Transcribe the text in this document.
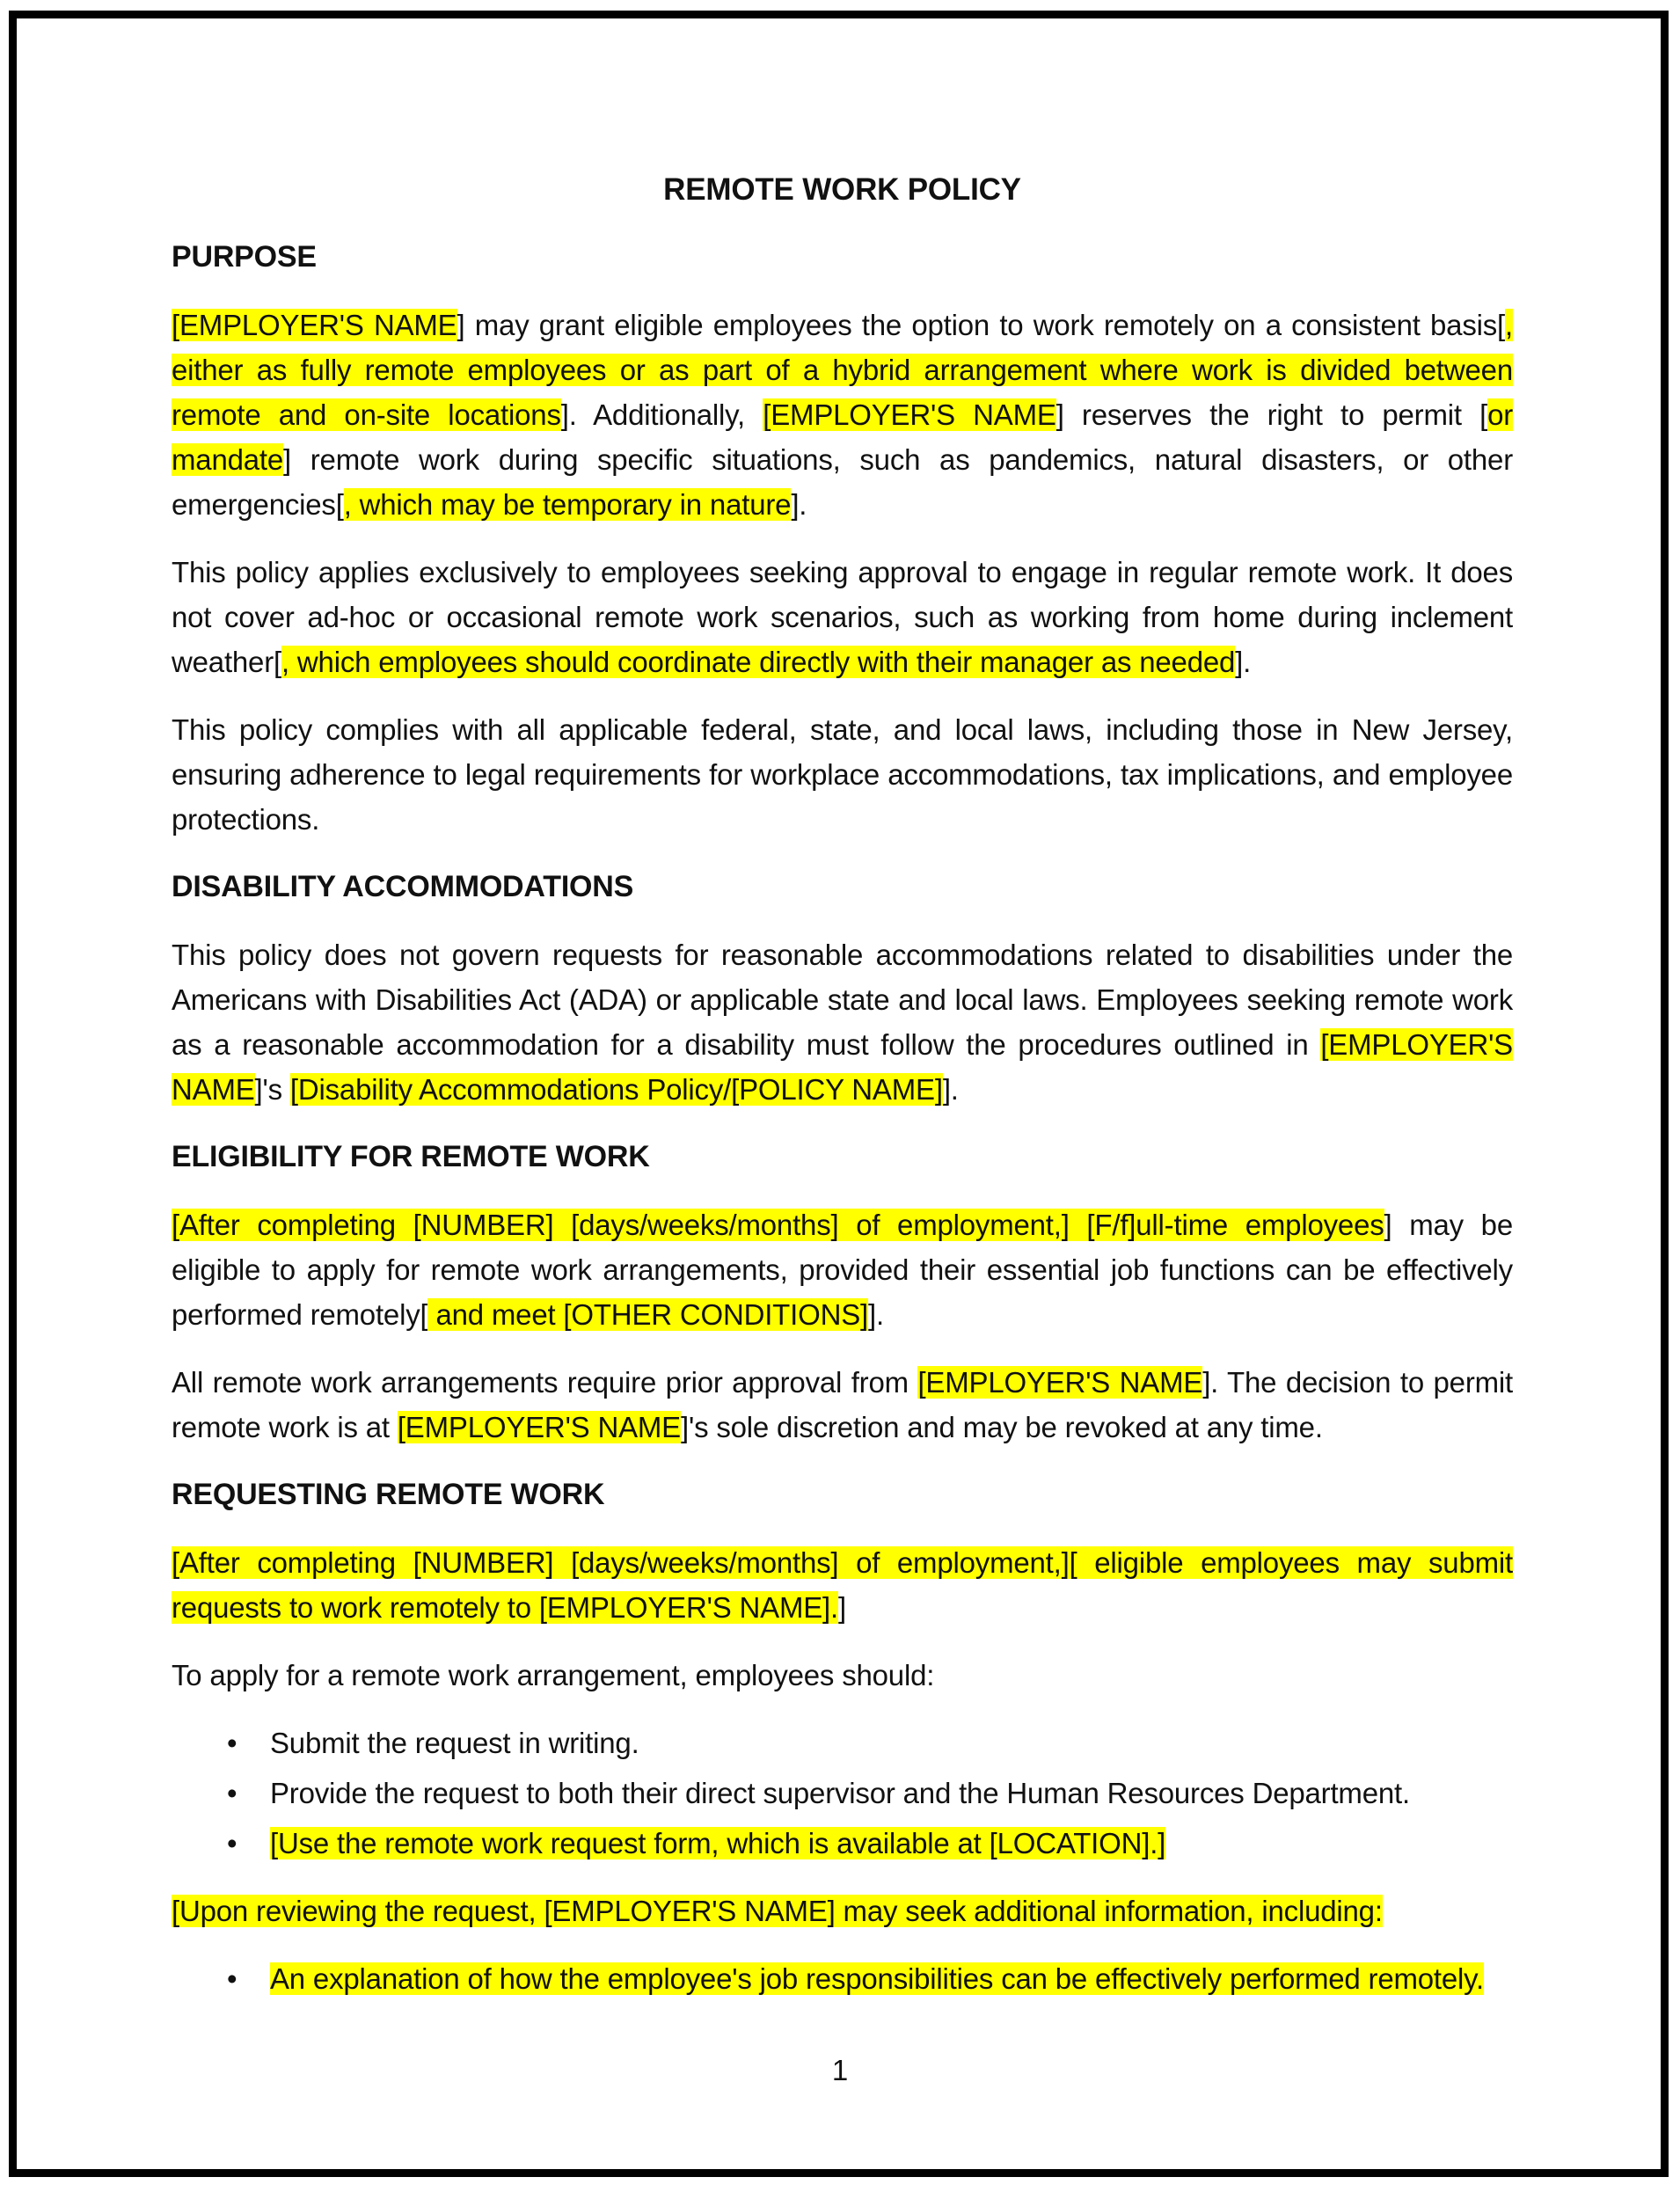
REMOTE WORK POLICY
PURPOSE

[EMPLOYER'S NAME] may grant eligible employees the option to work remotely on a consistent basis[, either as fully remote employees or as part of a hybrid arrangement where work is divided between remote and on-site locations]. Additionally, [EMPLOYER'S NAME] reserves the right to permit [or mandate] remote work during specific situations, such as pandemics, natural disasters, or other emergencies[, which may be temporary in nature].

This policy applies exclusively to employees seeking approval to engage in regular remote work. It does not cover ad-hoc or occasional remote work scenarios, such as working from home during inclement weather[, which employees should coordinate directly with their manager as needed].

This policy complies with all applicable federal, state, and local laws, including those in New Jersey, ensuring adherence to legal requirements for workplace accommodations, tax implications, and employee protections.

DISABILITY ACCOMMODATIONS

This policy does not govern requests for reasonable accommodations related to disabilities under the Americans with Disabilities Act (ADA) or applicable state and local laws. Employees seeking remote work as a reasonable accommodation for a disability must follow the procedures outlined in [EMPLOYER'S NAME]'s [Disability Accommodations Policy/[POLICY NAME]].

ELIGIBILITY FOR REMOTE WORK

[After completing [NUMBER] [days/weeks/months] of employment,] [F/f]ull-time employees] may be eligible to apply for remote work arrangements, provided their essential job functions can be effectively performed remotely[ and meet [OTHER CONDITIONS]].

All remote work arrangements require prior approval from [EMPLOYER'S NAME]. The decision to permit remote work is at [EMPLOYER'S NAME]'s sole discretion and may be revoked at any time.

REQUESTING REMOTE WORK

[After completing [NUMBER] [days/weeks/months] of employment,][ eligible employees may submit requests to work remotely to [EMPLOYER'S NAME].]

To apply for a remote work arrangement, employees should:

• Submit the request in writing.
• Provide the request to both their direct supervisor and the Human Resources Department.
• [Use the remote work request form, which is available at [LOCATION].]

[Upon reviewing the request, [EMPLOYER'S NAME] may seek additional information, including:

• An explanation of how the employee's job responsibilities can be effectively performed remotely.
1
